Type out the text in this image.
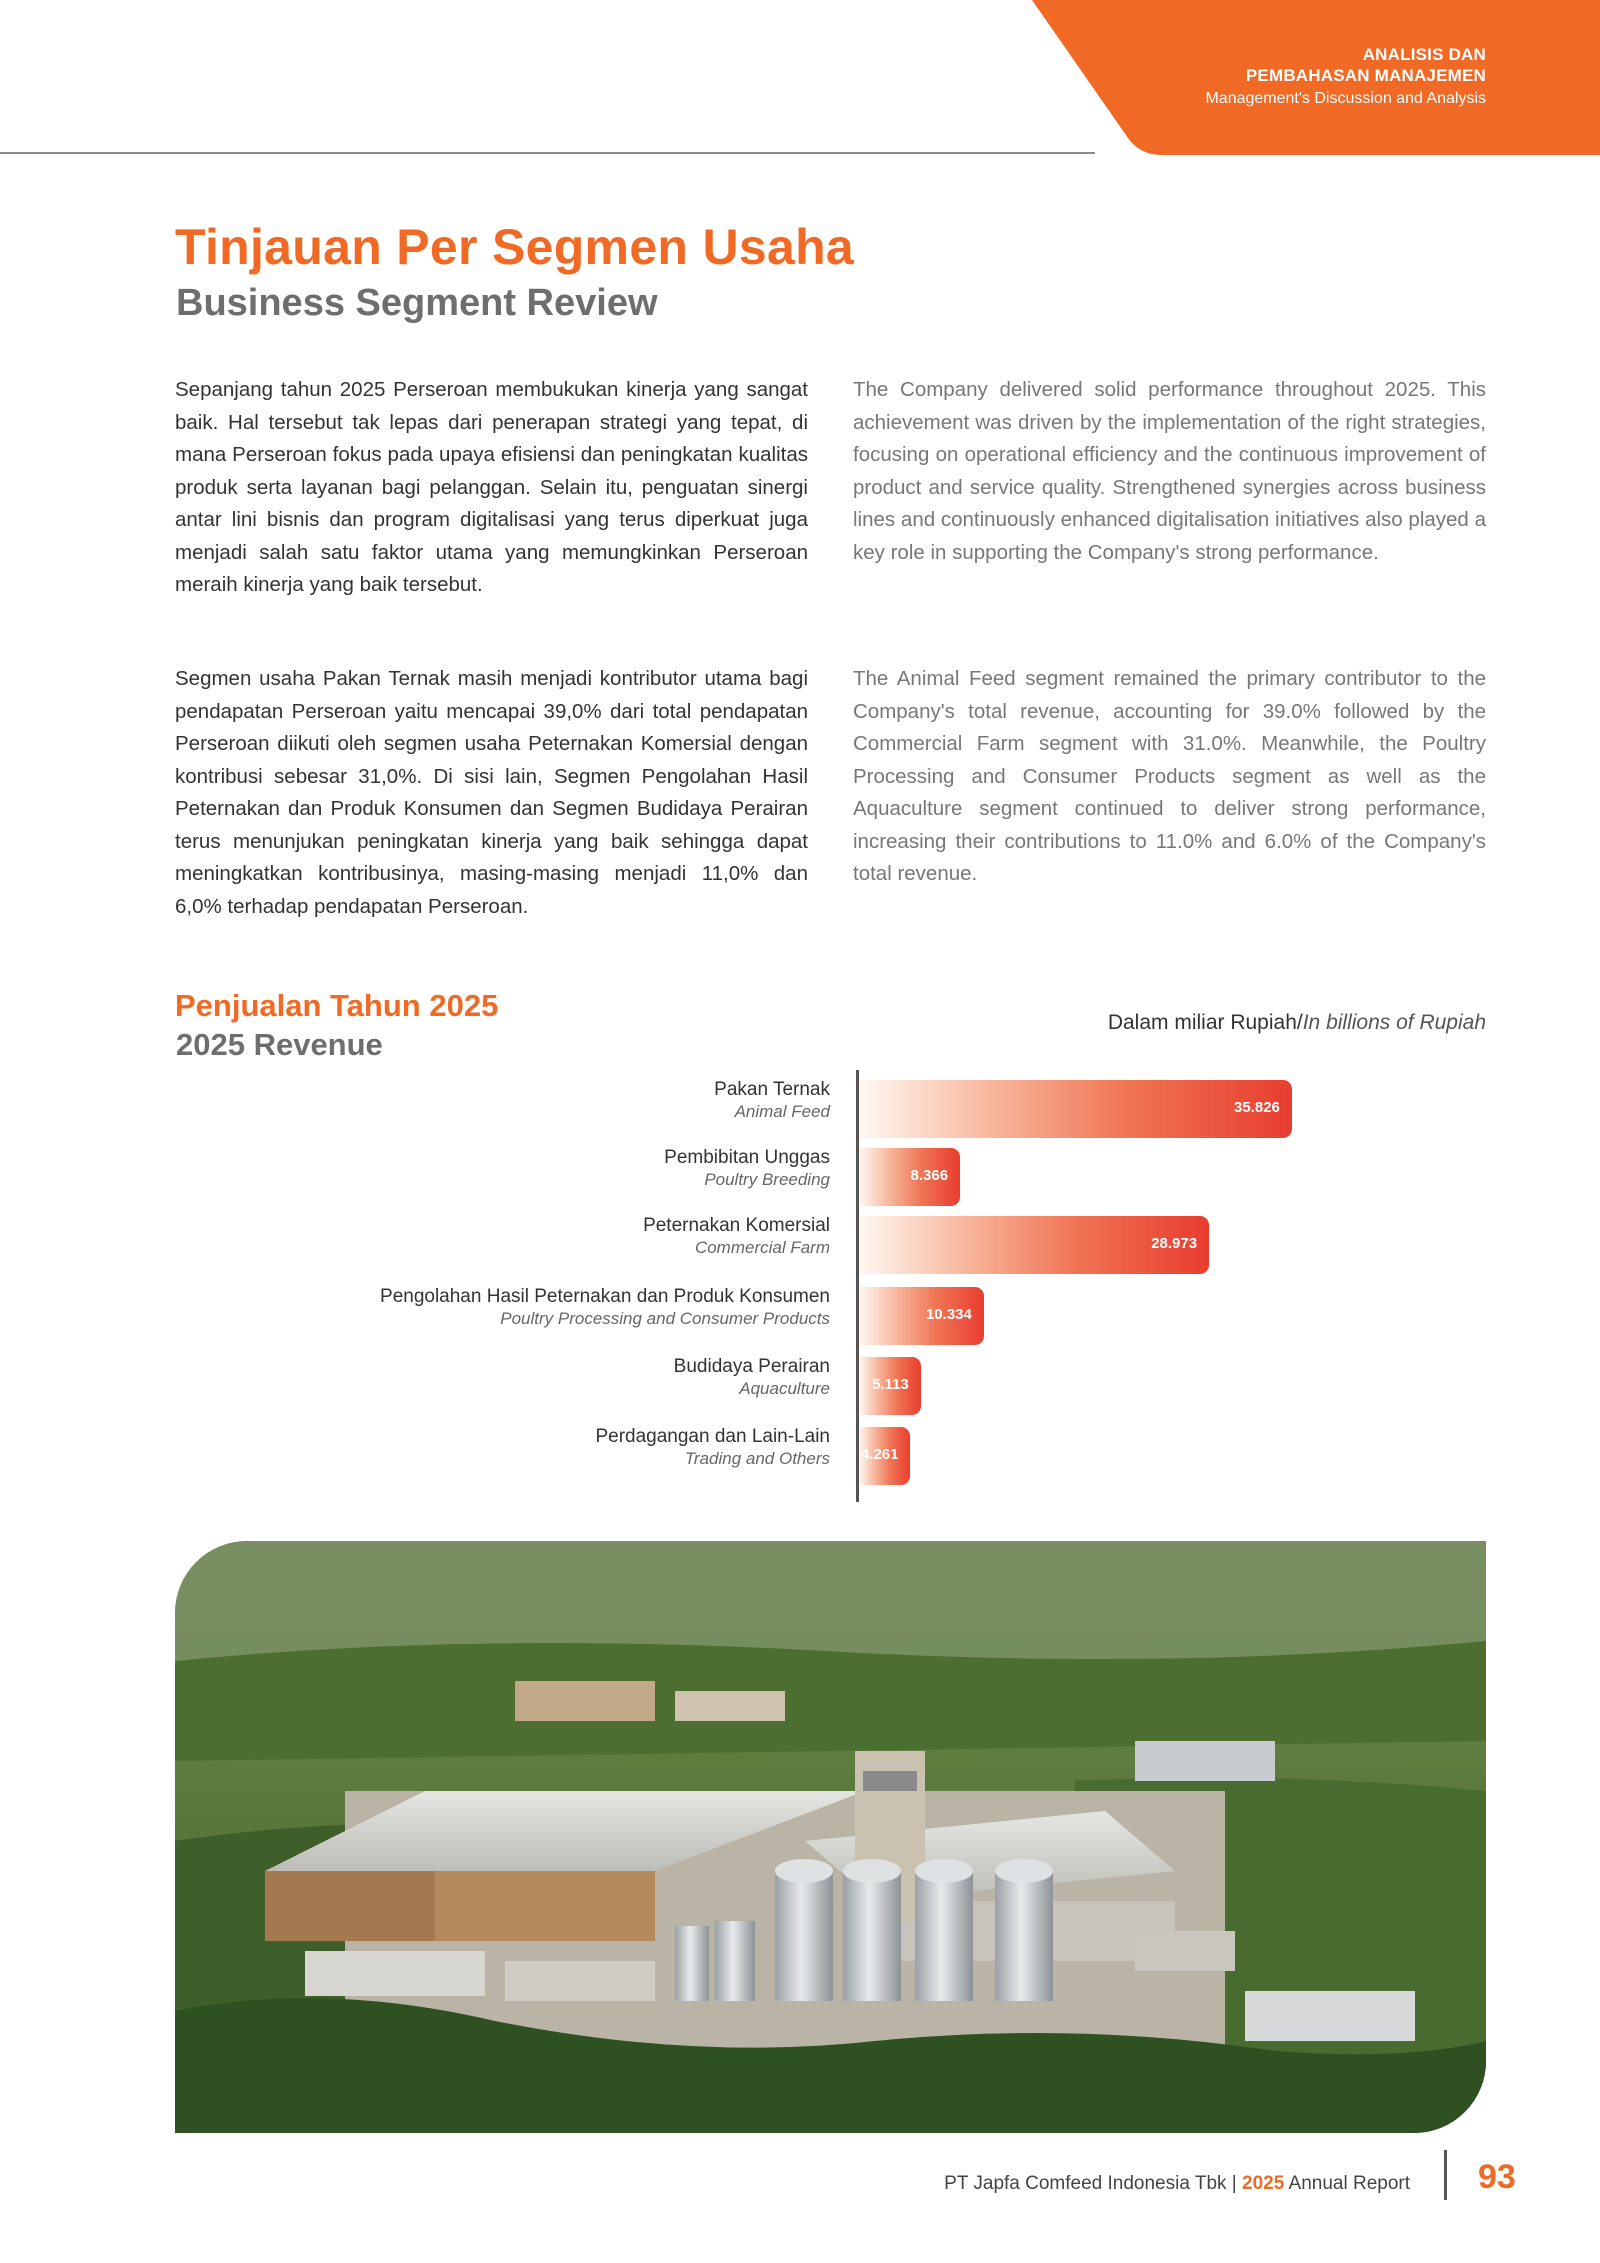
ANALISIS DAN
PEMBAHASAN MANAJEMEN
Management's Discussion and Analysis
Tinjauan Per Segmen Usaha
Business Segment Review

Sepanjang tahun 2025 Perseroan membukukan kinerja yang sangat baik. Hal tersebut tak lepas dari penerapan strategi yang tepat, di mana Perseroan fokus pada upaya efisiensi dan peningkatan kualitas produk serta layanan bagi pelanggan. Selain itu, penguatan sinergi antar lini bisnis dan program digitalisasi yang terus diperkuat juga menjadi salah satu faktor utama yang memungkinkan Perseroan meraih kinerja yang baik tersebut.

The Company delivered solid performance throughout 2025. This achievement was driven by the implementation of the right strategies, focusing on operational efficiency and the continuous improvement of product and service quality. Strengthened synergies across business lines and continuously enhanced digitalisation initiatives also played a key role in supporting the Company's strong performance.

Segmen usaha Pakan Ternak masih menjadi kontributor utama bagi pendapatan Perseroan yaitu mencapai 39,0% dari total pendapatan Perseroan diikuti oleh segmen usaha Peternakan Komersial dengan kontribusi sebesar 31,0%. Di sisi lain, Segmen Pengolahan Hasil Peternakan dan Produk Konsumen dan Segmen Budidaya Perairan terus menunjukan peningkatan kinerja yang baik sehingga dapat meningkatkan kontribusinya, masing-masing menjadi 11,0% dan 6,0% terhadap pendapatan Perseroan.

The Animal Feed segment remained the primary contributor to the Company's total revenue, accounting for 39.0% followed by the Commercial Farm segment with 31.0%. Meanwhile, the Poultry Processing and Consumer Products segment as well as the Aquaculture segment continued to deliver strong performance, increasing their contributions to 11.0% and 6.0% of the Company's total revenue.

Penjualan Tahun 2025
2025 Revenue
Dalam miliar Rupiah/In billions of Rupiah
Pakan Ternak
Animal Feed	35.826
Pembibitan Unggas
Poultry Breeding	8.366
Peternakan Komersial
Commercial Farm	28.973
Pengolahan Hasil Peternakan dan Produk Konsumen
Poultry Processing and Consumer Products	10.334
Budidaya Perairan
Aquaculture	5.113
Perdagangan dan Lain-Lain
Trading and Others 4.261
PT Japfa Comfeed Indonesia Tbk | 2025 Annual Report 93
